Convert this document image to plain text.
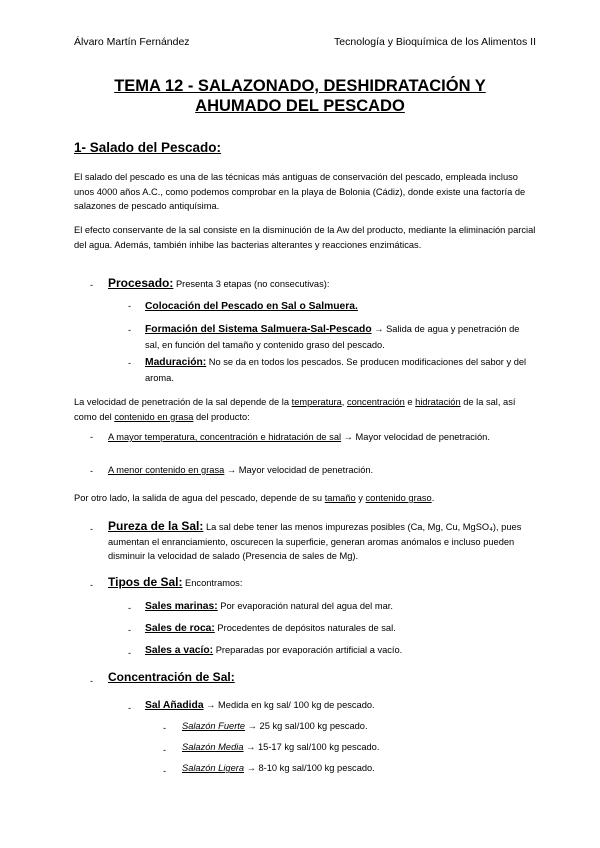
Álvaro Martín Fernández	Tecnología y Bioquímica de los Alimentos II
TEMA 12 - SALAZONADO, DESHIDRATACIÓN Y
AHUMADO DEL PESCADO
1- Salado del Pescado:
El salado del pescado es una de las técnicas más antiguas de conservación del pescado, empleada incluso unos 4000 años A.C., como podemos comprobar en la playa de Bolonia (Cádiz), donde existe una factoría de salazones de pescado antiquísima.
El efecto conservante de la sal consiste en la disminución de la Aw del producto, mediante la eliminación parcial del agua. Además, también inhibe las bacterias alterantes y reacciones enzimáticas.
- Procesado: Presenta 3 etapas (no consecutivas):
- Colocación del Pescado en Sal o Salmuera.
- Formación del Sistema Salmuera-Sal-Pescado → Salida de agua y penetración de sal, en función del tamaño y contenido graso del pescado.
- Maduración: No se da en todos los pescados. Se producen modificaciones del sabor y del aroma.
La velocidad de penetración de la sal depende de la temperatura, concentración e hidratación de la sal, así como del contenido en grasa del producto:
- A mayor temperatura, concentración e hidratación de sal → Mayor velocidad de penetración.
- A menor contenido en grasa → Mayor velocidad de penetración.
Por otro lado, la salida de agua del pescado, depende de su tamaño y contenido graso.
- Pureza de la Sal: La sal debe tener las menos impurezas posibles (Ca, Mg, Cu, MgSO₄), pues aumentan el enranciamiento, oscurecen la superficie, generan aromas anómalos e incluso pueden disminuir la velocidad de salado (Presencia de sales de Mg).
- Tipos de Sal: Encontramos:
- Sales marinas: Por evaporación natural del agua del mar.
- Sales de roca: Procedentes de depósitos naturales de sal.
- Sales a vacío: Preparadas por evaporación artificial a vacío.
- Concentración de Sal:
- Sal Añadida → Medida en kg sal/ 100 kg de pescado.
- Salazón Fuerte → 25 kg sal/100 kg pescado.
- Salazón Media → 15-17 kg sal/100 kg pescado.
- Salazón Ligera → 8-10 kg sal/100 kg pescado.
